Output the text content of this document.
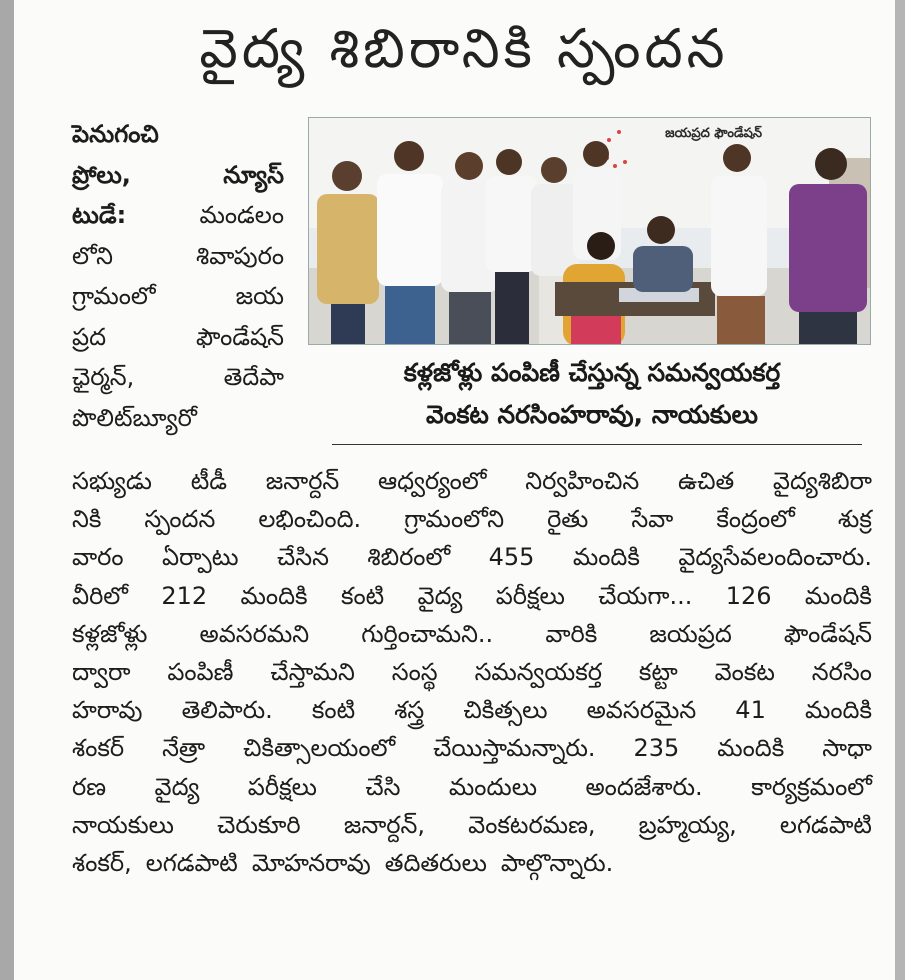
వైద్య శిబిరానికి స్పందన
పెనుగంచి
ప్రోలు,	న్యూస్
టుడే:	మండలం
లోని	శివాపురం
గ్రామంలో	జయ
ప్రద	ఫౌండేషన్
ఛైర్మన్,	తెదేపా
పొలిట్‌బ్యూరో
జయప్రద ఫౌండేషన్
కళ్లజోళ్లు పంపిణీ చేస్తున్న సమన్వయకర్త
వెంకట నరసింహరావు, నాయకులు
సభ్యుడు టీడీ జనార్దన్ ఆధ్వర్యంలో నిర్వహించిన ఉచిత వైద్యశిబిరా
నికి స్పందన లభించింది. గ్రామంలోని రైతు సేవా కేంద్రంలో శుక్ర
వారం ఏర్పాటు చేసిన శిబిరంలో 455 మందికి వైద్యసేవలందించారు.
వీరిలో 212 మందికి కంటి వైద్య పరీక్షలు చేయగా... 126 మందికి
కళ్లజోళ్లు అవసరమని గుర్తించామని.. వారికి జయప్రద ఫౌండేషన్
ద్వారా పంపిణీ చేస్తామని సంస్థ సమన్వయకర్త కట్టా వెంకట నరసిం
హరావు తెలిపారు. కంటి శస్త్ర చికిత్సలు అవసరమైన 41 మందికి
శంకర్ నేత్రా చికిత్సాలయంలో చేయిస్తామన్నారు. 235 మందికి సాధా
రణ వైద్య పరీక్షలు చేసి మందులు అందజేశారు. కార్యక్రమంలో
నాయకులు చెరుకూరి జనార్దన్, వెంకటరమణ, బ్రహ్మయ్య, లగడపాటి
శంకర్, లగడపాటి మోహనరావు తదితరులు పాల్గొన్నారు.
